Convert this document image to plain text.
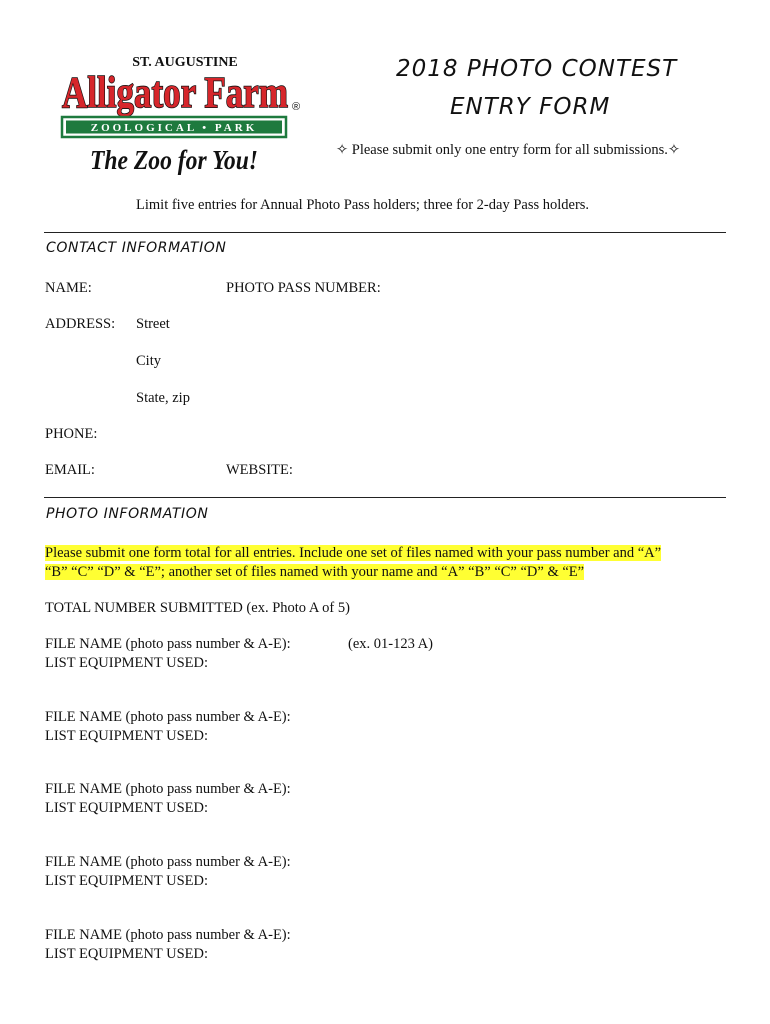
ST. AUGUSTINE
Alligator Farm ®
ZOOLOGICAL • PARK
The Zoo for You!
2018 PHOTO CONTEST
ENTRY FORM
✧ Please submit only one entry form for all submissions.✧
Limit five entries for Annual Photo Pass holders; three for 2-day Pass holders.
CONTACT INFORMATION
NAME:	PHOTO PASS NUMBER:
ADDRESS: Street
City
State, zip
PHONE:
EMAIL:	WEBSITE:
PHOTO INFORMATION
Please submit one form total for all entries. Include one set of files named with your pass number and “A”
“B” “C” “D” & “E”; another set of files named with your name and “A” “B” “C” “D” & “E”
TOTAL NUMBER SUBMITTED (ex. Photo A of 5)
(ex. 01-123 A)
FILE NAME (photo pass number & A-E):
LIST EQUIPMENT USED:
FILE NAME (photo pass number & A-E):
LIST EQUIPMENT USED:
FILE NAME (photo pass number & A-E):
LIST EQUIPMENT USED:
FILE NAME (photo pass number & A-E):
LIST EQUIPMENT USED:
FILE NAME (photo pass number & A-E):
LIST EQUIPMENT USED:
